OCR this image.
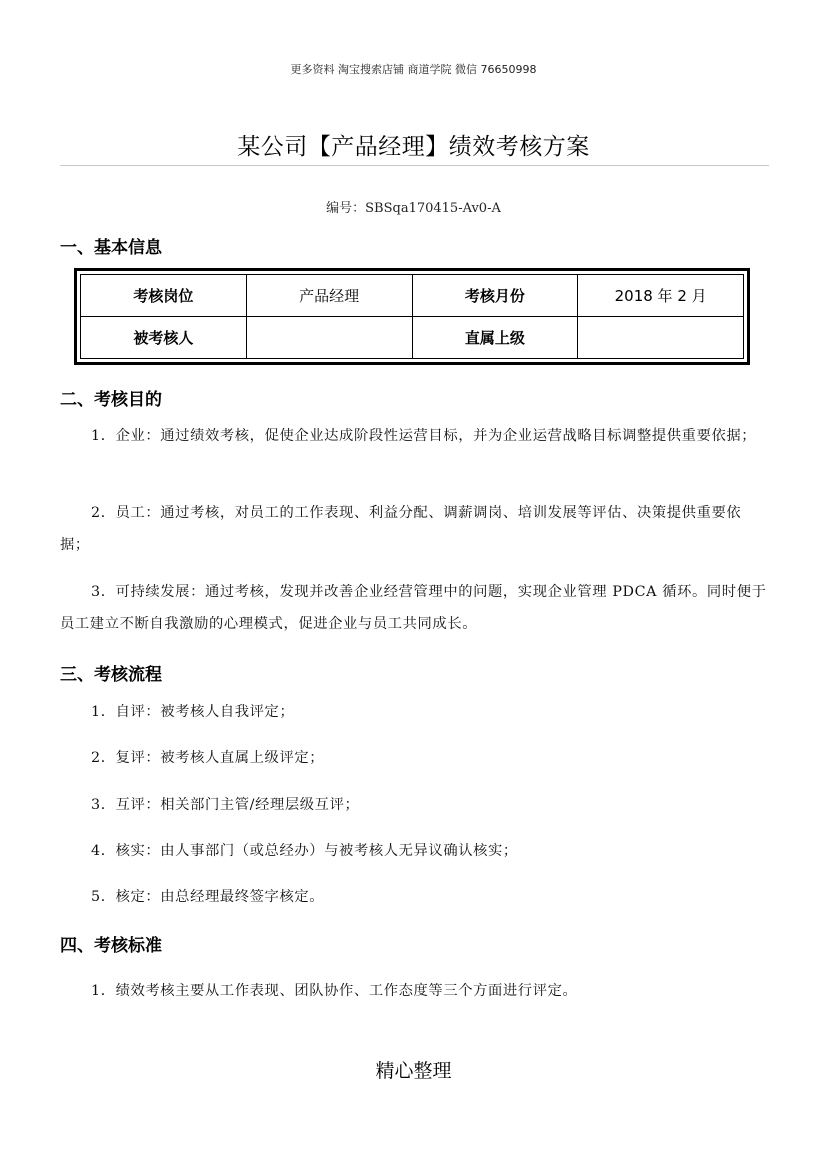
更多资料 淘宝搜索店铺 商道学院 微信 76650998
某公司【产品经理】绩效考核方案
编号：SBSqa170415-Av0-A
一、基本信息
考核岗位	产品经理	考核月份	2018 年 2 月
被考核人		直属上级	
二、考核目的
1．企业：通过绩效考核，促使企业达成阶段性运营目标，并为企业运营战略目标调整提供重要依据；
2．员工：通过考核，对员工的工作表现、利益分配、调薪调岗、培训发展等评估、决策提供重要依据；
3．可持续发展：通过考核，发现并改善企业经营管理中的问题，实现企业管理 PDCA 循环。同时便于员工建立不断自我激励的心理模式，促进企业与员工共同成长。
三、考核流程
1．自评：被考核人自我评定；
2．复评：被考核人直属上级评定；
3．互评：相关部门主管/经理层级互评；
4．核实：由人事部门（或总经办）与被考核人无异议确认核实；
5．核定：由总经理最终签字核定。
四、考核标准
1．绩效考核主要从工作表现、团队协作、工作态度等三个方面进行评定。
精心整理
